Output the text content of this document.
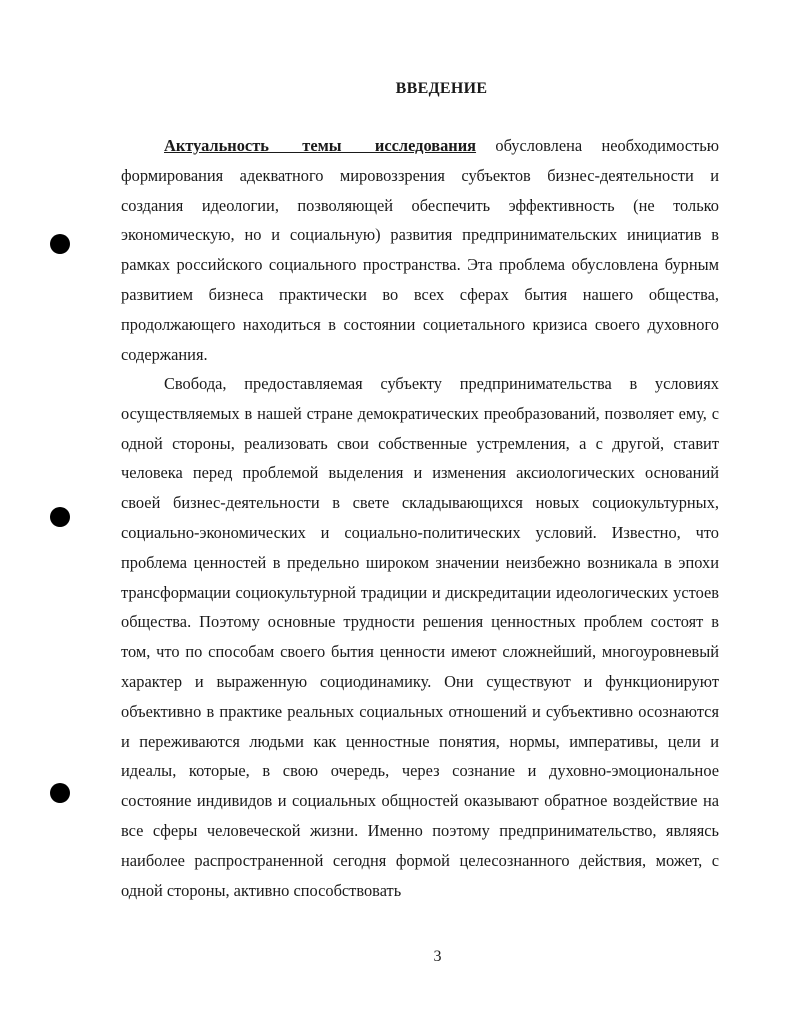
ВВЕДЕНИЕ

Актуальность темы исследования обусловлена необходимостью формирования адекватного мировоззрения субъектов бизнес-деятельности и создания идеологии, позволяющей обеспечить эффективность (не только экономическую, но и социальную) развития предпринимательских инициатив в рамках российского социального пространства. Эта проблема обусловлена бурным развитием бизнеса практически во всех сферах бытия нашего общества, продолжающего находиться в состоянии социетального кризиса своего духовного содержания.

Свобода, предоставляемая субъекту предпринимательства в условиях осуществляемых в нашей стране демократических преобразований, позволяет ему, с одной стороны, реализовать свои собственные устремления, а с другой, ставит человека перед проблемой выделения и изменения аксиологических оснований своей бизнес-деятельности в свете складывающихся новых социокультурных, социально-экономических и социально-политических условий. Известно, что проблема ценностей в предельно широком значении неизбежно возникала в эпохи трансформации социокультурной традиции и дискредитации идеологических устоев общества. Поэтому основные трудности решения ценностных проблем состоят в том, что по способам своего бытия ценности имеют сложнейший, многоуровневый характер и выраженную социодинамику. Они существуют и функционируют объективно в практике реальных социальных отношений и субъективно осознаются и переживаются людьми как ценностные понятия, нормы, императивы, цели и идеалы, которые, в свою очередь, через сознание и духовно-эмоциональное состояние индивидов и социальных общностей оказывают обратное воздействие на все сферы человеческой жизни. Именно поэтому предпринимательство, являясь наиболее распространенной сегодня формой целесознанного действия, может, с одной стороны, активно способствовать

3
